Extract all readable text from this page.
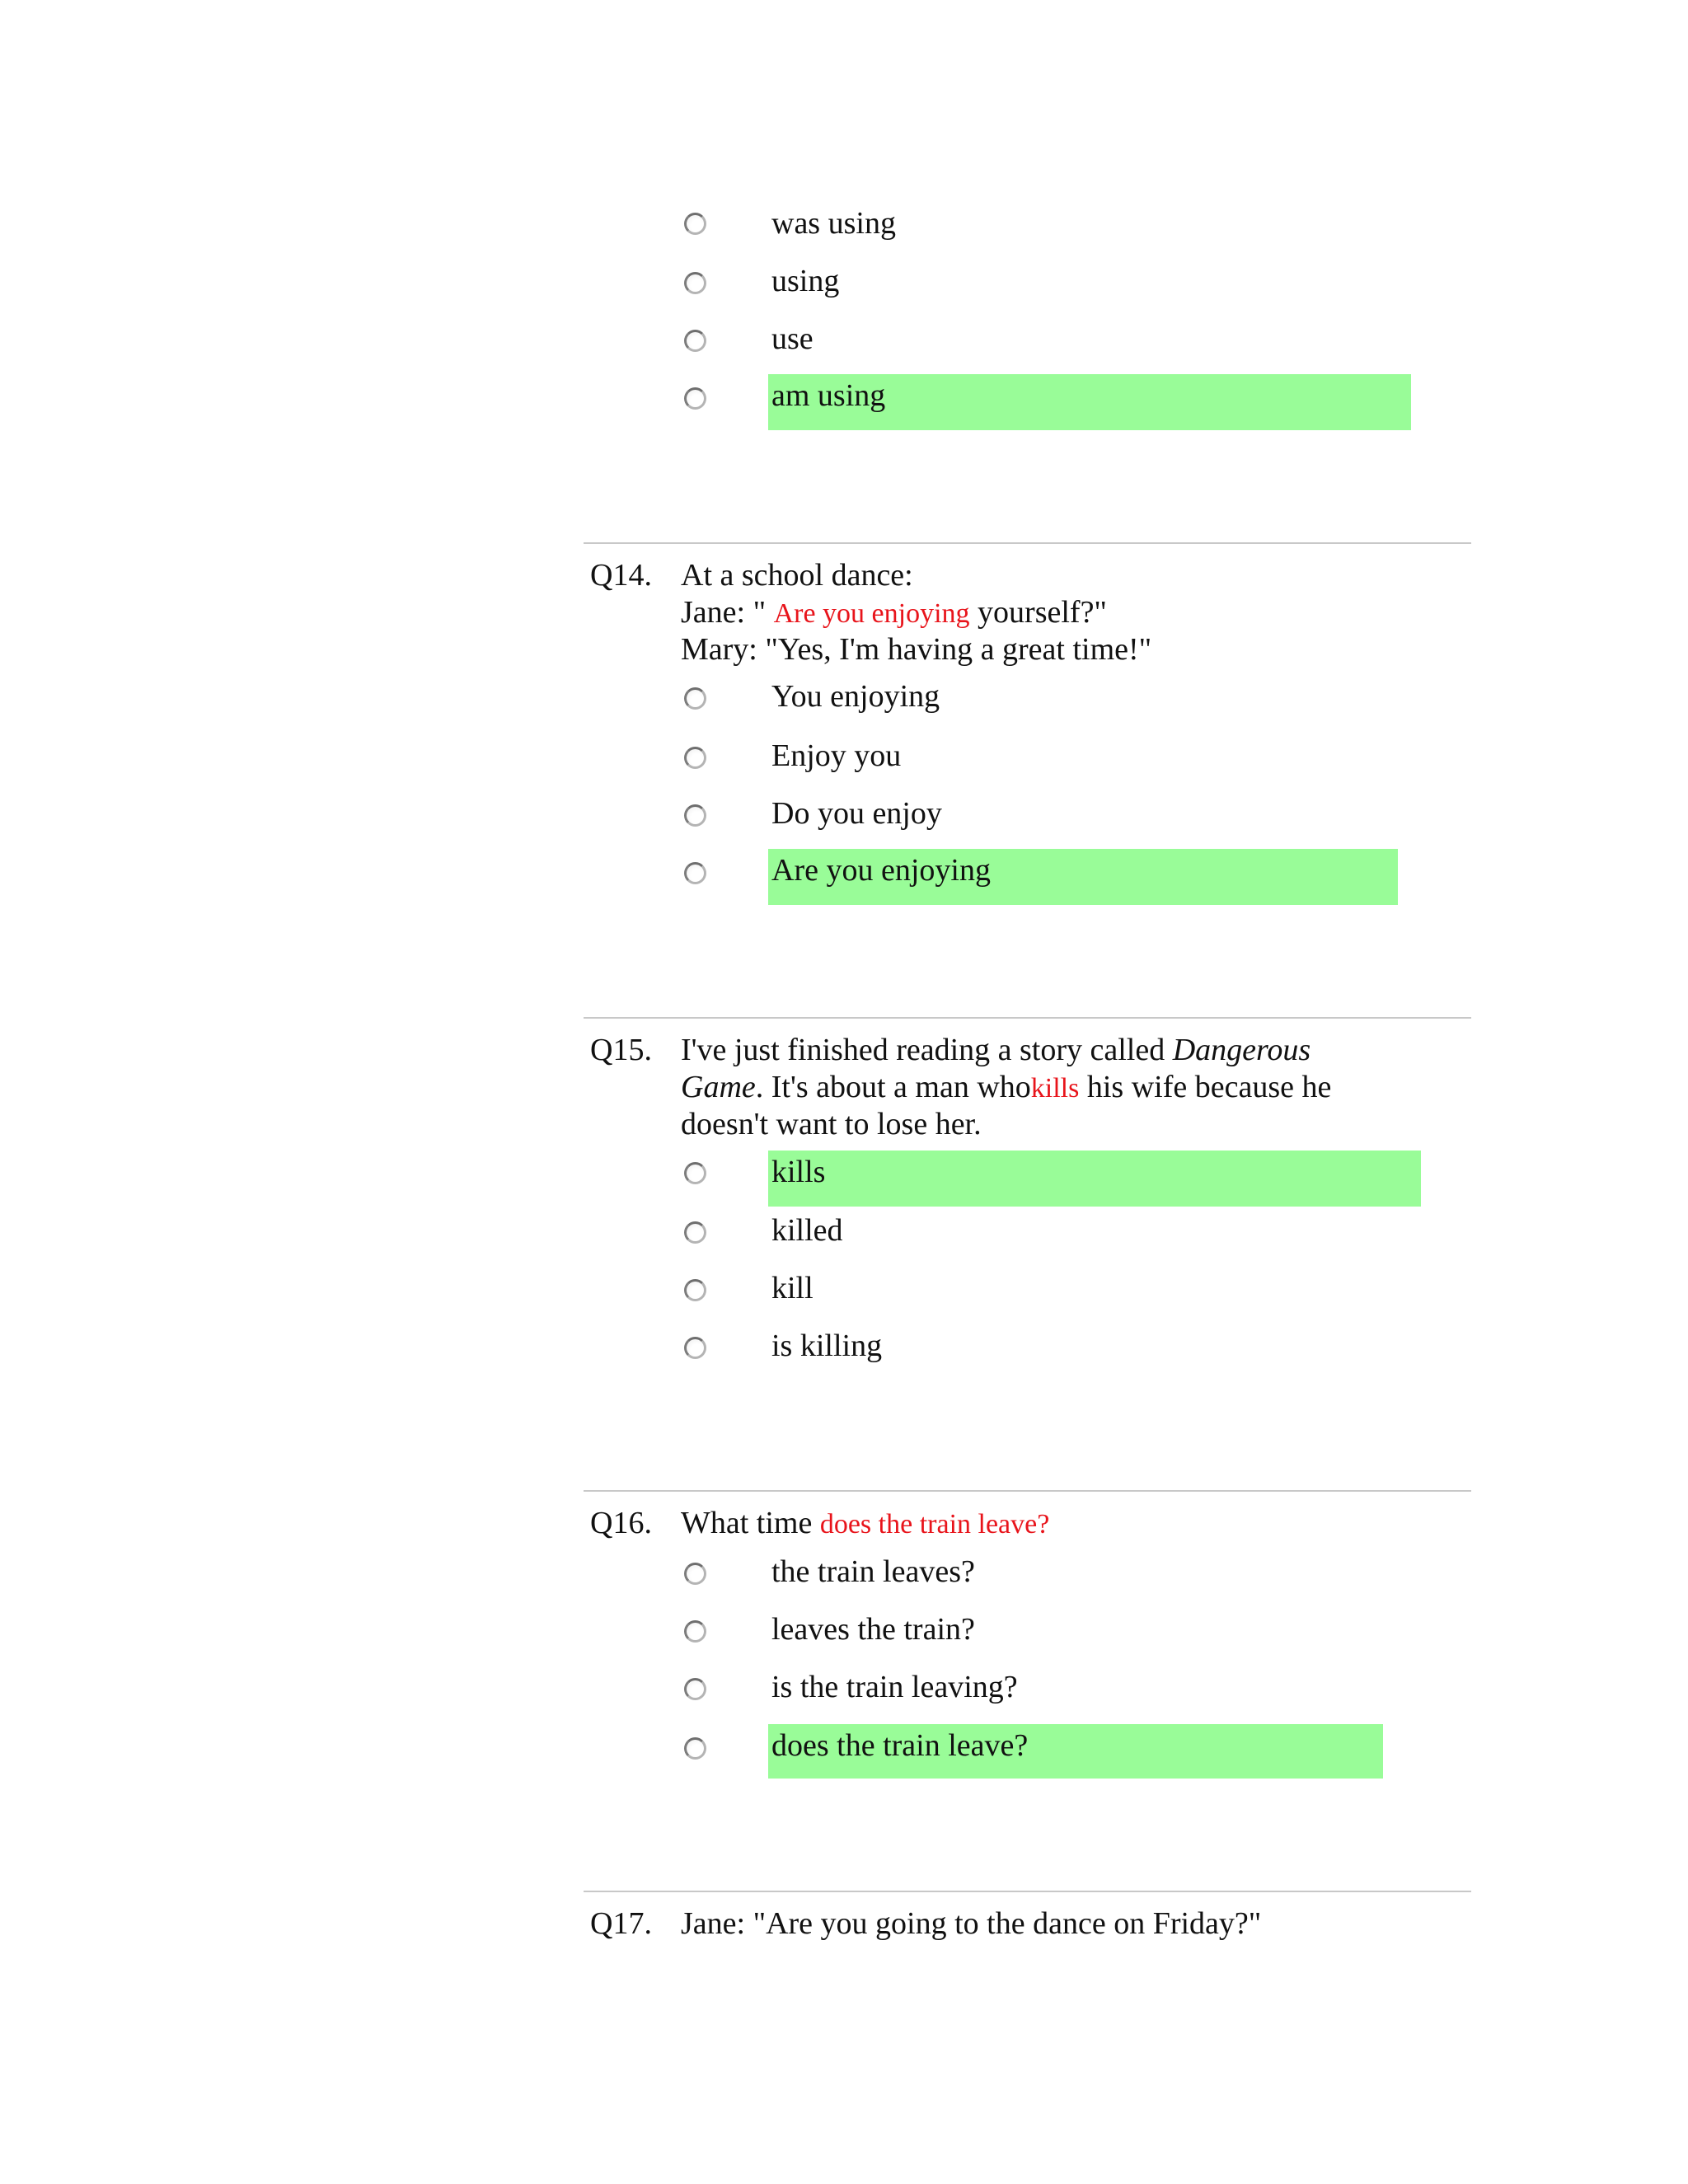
was using
using
use
am using
Q14. At a school dance:
Jane: " Are you enjoying yourself?"
Mary: "Yes, I'm having a great time!"
You enjoying
Enjoy you
Do you enjoy
Are you enjoying
Q15. I've just finished reading a story called Dangerous
Game. It's about a man whokills his wife because he
doesn't want to lose her.
kills
killed
kill
is killing
Q16. What time does the train leave?
the train leaves?
leaves the train?
is the train leaving?
does the train leave?
Q17. Jane: "Are you going to the dance on Friday?"
